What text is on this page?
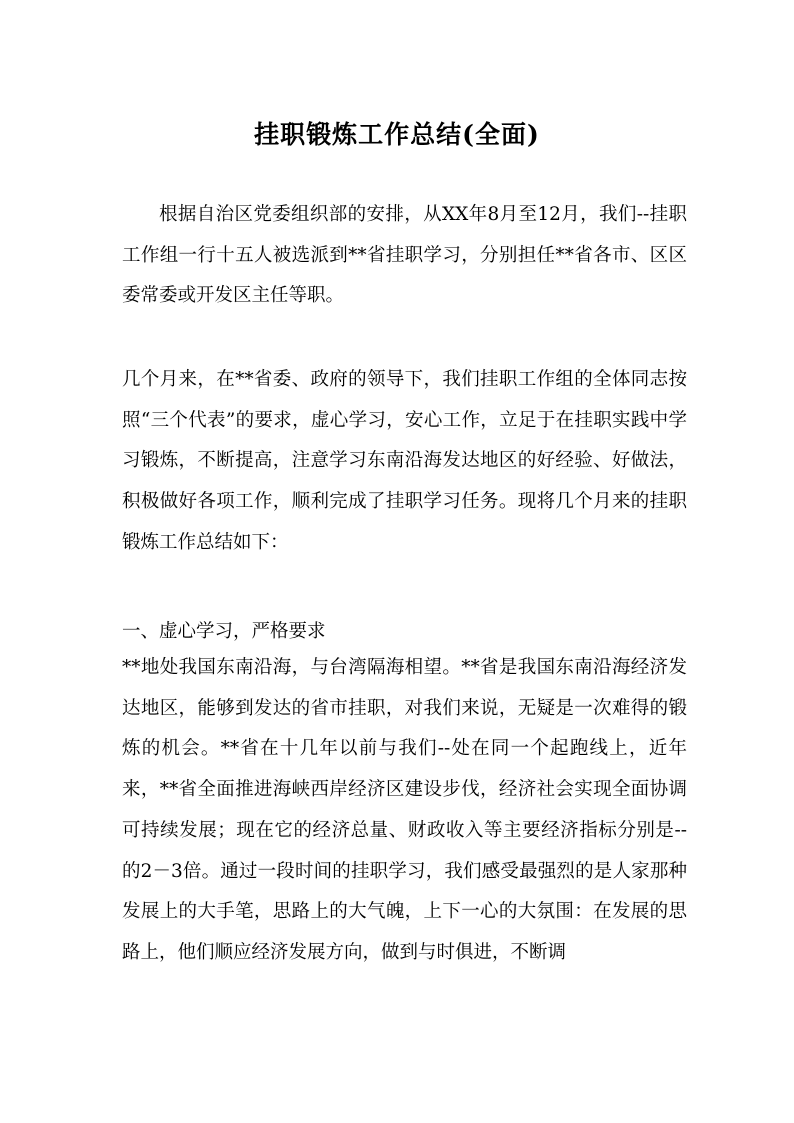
挂职锻炼工作总结(全面)

根据自治区党委组织部的安排，从XX年8月至12月，我们--挂职工作组一行十五人被选派到**省挂职学习，分别担任**省各市、区区委常委或开发区主任等职。

几个月来，在**省委、政府的领导下，我们挂职工作组的全体同志按照“三个代表”的要求，虚心学习，安心工作，立足于在挂职实践中学习锻炼，不断提高，注意学习东南沿海发达地区的好经验、好做法，积极做好各项工作，顺利完成了挂职学习任务。现将几个月来的挂职锻炼工作总结如下：

一、虚心学习，严格要求

**地处我国东南沿海，与台湾隔海相望。**省是我国东南沿海经济发达地区，能够到发达的省市挂职，对我们来说，无疑是一次难得的锻炼的机会。**省在十几年以前与我们--处在同一个起跑线上，近年来，**省全面推进海峡西岸经济区建设步伐，经济社会实现全面协调可持续发展；现在它的经济总量、财政收入等主要经济指标分别是--的2－3倍。通过一段时间的挂职学习，我们感受最强烈的是人家那种发展上的大手笔，思路上的大气魄，上下一心的大氛围：在发展的思路上，他们顺应经济发展方向，做到与时俱进，不断调
